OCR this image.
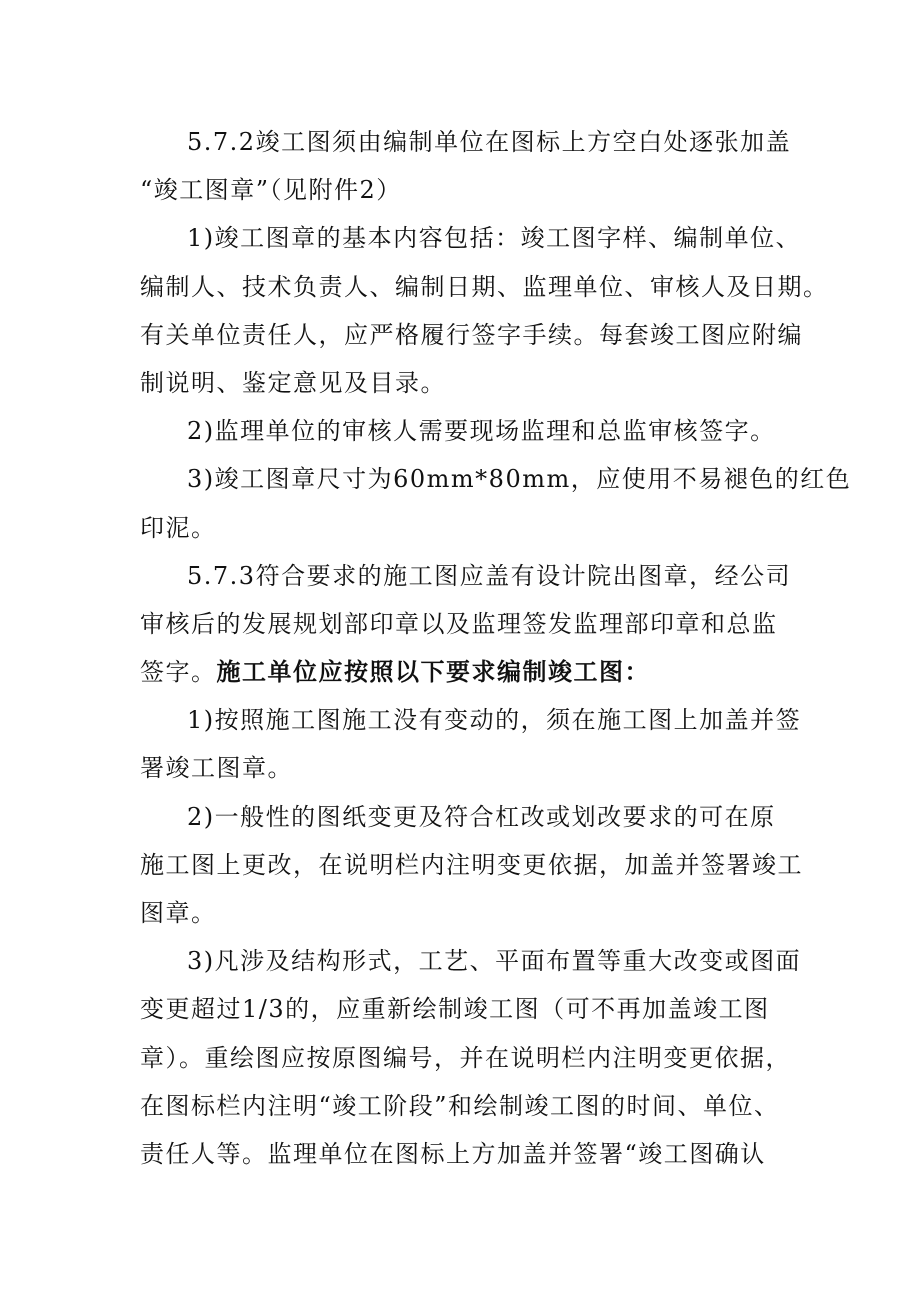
5.7.2竣工图须由编制单位在图标上方空白处逐张加盖
“竣工图章”（见附件2）
1)竣工图章的基本内容包括：竣工图字样、编制单位、
编制人、技术负责人、编制日期、监理单位、审核人及日期。
有关单位责任人，应严格履行签字手续。每套竣工图应附编
制说明、鉴定意见及目录。
2)监理单位的审核人需要现场监理和总监审核签字。
3)竣工图章尺寸为60mm*80mm，应使用不易褪色的红色
印泥。
5.7.3符合要求的施工图应盖有设计院出图章，经公司
审核后的发展规划部印章以及监理签发监理部印章和总监
签字。施工单位应按照以下要求编制竣工图：
1)按照施工图施工没有变动的，须在施工图上加盖并签
署竣工图章。
2)一般性的图纸变更及符合杠改或划改要求的可在原
施工图上更改，在说明栏内注明变更依据，加盖并签署竣工
图章。
3)凡涉及结构形式，工艺、平面布置等重大改变或图面
变更超过1/3的，应重新绘制竣工图（可不再加盖竣工图
章）。重绘图应按原图编号，并在说明栏内注明变更依据，
在图标栏内注明“竣工阶段”和绘制竣工图的时间、单位、
责任人等。监理单位在图标上方加盖并签署“竣工图确认
